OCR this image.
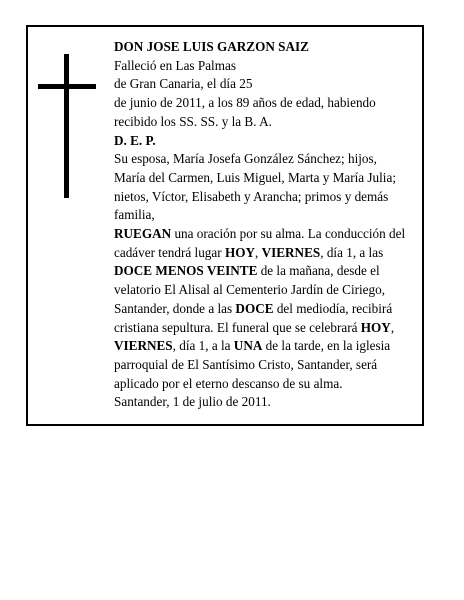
DON JOSE LUIS GARZON SAIZ
Falleció en Las Palmas
de Gran Canaria, el día 25
de junio de 2011, a los 89 años de edad, habiendo
recibido los SS. SS. y la B. A.
D. E. P.
Su esposa, María Josefa González Sánchez; hijos,
María del Carmen, Luis Miguel, Marta y María Julia;
nietos, Víctor, Elisabeth y Arancha; primos y demás
familia,
RUEGAN una oración por su alma. La conducción del
cadáver tendrá lugar HOY, VIERNES, día 1, a las
DOCE MENOS VEINTE de la mañana, desde el
velatorio El Alisal al Cementerio Jardín de Ciriego,
Santander, donde a las DOCE del mediodía, recibirá
cristiana sepultura. El funeral que se celebrará HOY,
VIERNES, día 1, a la UNA de la tarde, en la iglesia
parroquial de El Santísimo Cristo, Santander, será
aplicado por el eterno descanso de su alma.
Santander, 1 de julio de 2011.
